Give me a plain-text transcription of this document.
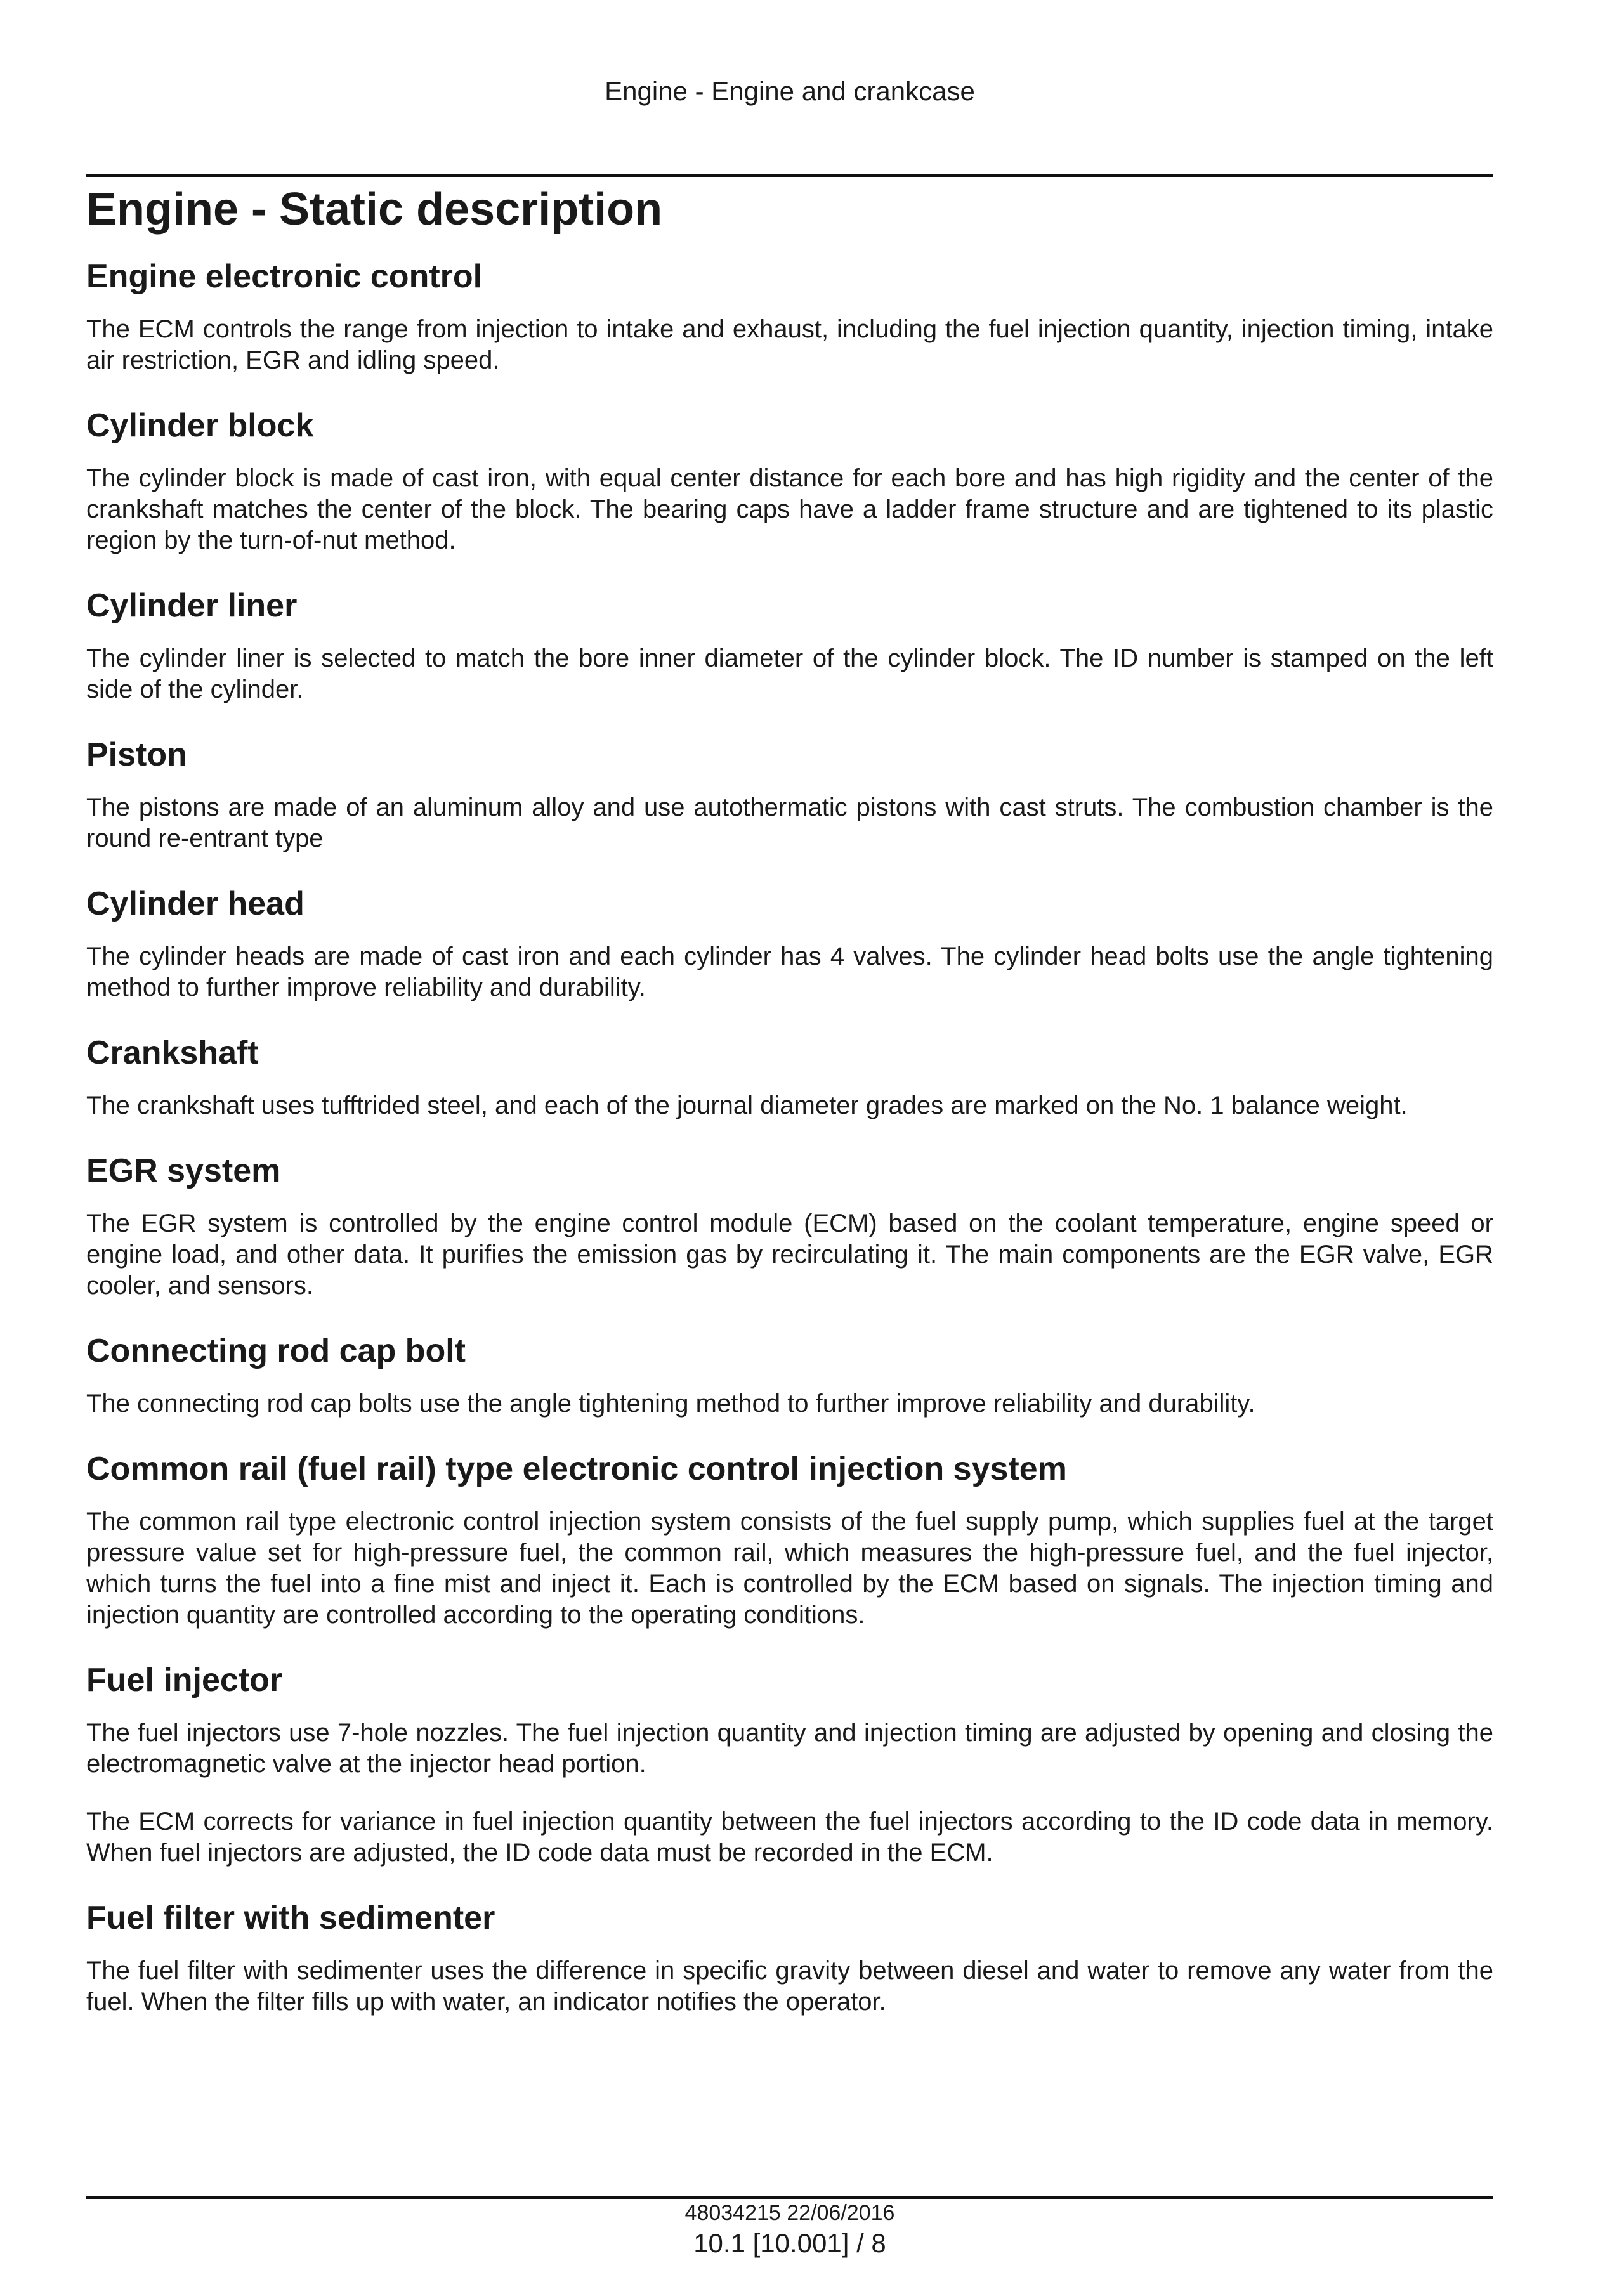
Engine - Engine and crankcase
Engine - Static description
Engine electronic control

The ECM controls the range from injection to intake and exhaust, including the fuel injection quantity, injection timing, intake air restriction, EGR and idling speed.

Cylinder block

The cylinder block is made of cast iron, with equal center distance for each bore and has high rigidity and the center of the crankshaft matches the center of the block. The bearing caps have a ladder frame structure and are tightened to its plastic region by the turn-of-nut method.

Cylinder liner

The cylinder liner is selected to match the bore inner diameter of the cylinder block. The ID number is stamped on the left side of the cylinder.

Piston

The pistons are made of an aluminum alloy and use autothermatic pistons with cast struts. The combustion chamber is the round re-entrant type

Cylinder head

The cylinder heads are made of cast iron and each cylinder has 4 valves. The cylinder head bolts use the angle tightening method to further improve reliability and durability.

Crankshaft

The crankshaft uses tufftrided steel, and each of the journal diameter grades are marked on the No. 1 balance weight.

EGR system

The EGR system is controlled by the engine control module (ECM) based on the coolant temperature, engine speed or engine load, and other data. It purifies the emission gas by recirculating it. The main components are the EGR valve, EGR cooler, and sensors.

Connecting rod cap bolt

The connecting rod cap bolts use the angle tightening method to further improve reliability and durability.

Common rail (fuel rail) type electronic control injection system

The common rail type electronic control injection system consists of the fuel supply pump, which supplies fuel at the target pressure value set for high-pressure fuel, the common rail, which measures the high-pressure fuel, and the fuel injector, which turns the fuel into a fine mist and inject it. Each is controlled by the ECM based on signals. The injection timing and injection quantity are controlled according to the operating conditions.

Fuel injector

The fuel injectors use 7-hole nozzles. The fuel injection quantity and injection timing are adjusted by opening and closing the electromagnetic valve at the injector head portion.

The ECM corrects for variance in fuel injection quantity between the fuel injectors according to the ID code data in memory. When fuel injectors are adjusted, the ID code data must be recorded in the ECM.

Fuel filter with sedimenter

The fuel filter with sedimenter uses the difference in specific gravity between diesel and water to remove any water from the fuel. When the filter fills up with water, an indicator notifies the operator.

48034215 22/06/2016
10.1 [10.001] / 8
